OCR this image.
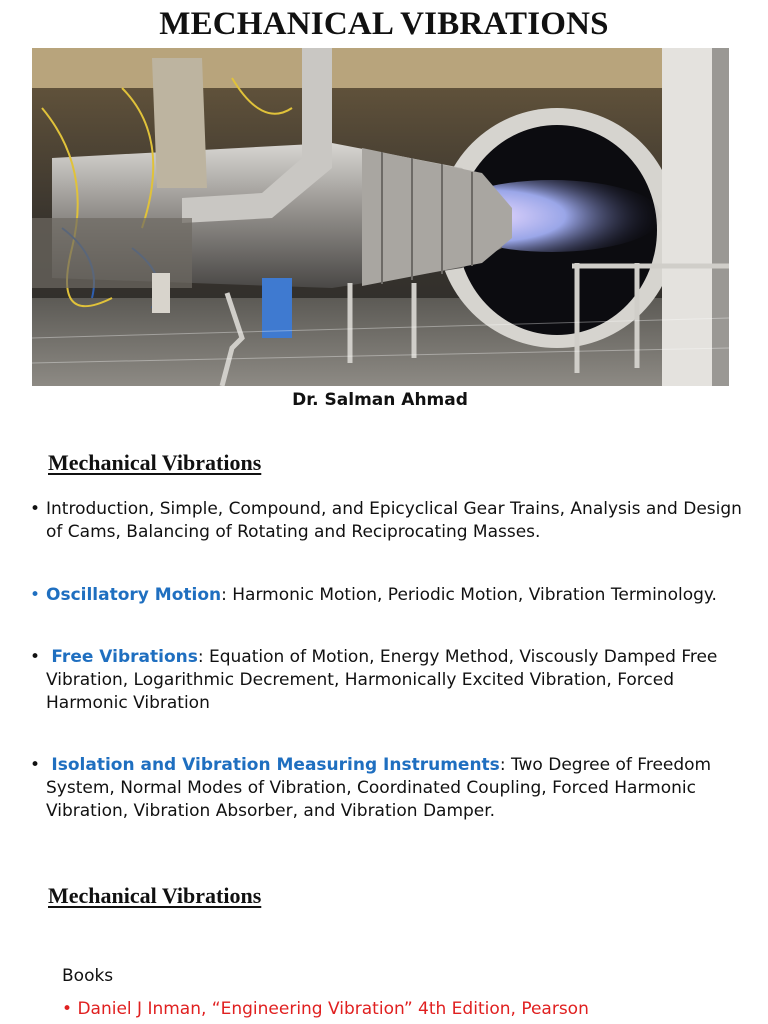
MECHANICAL VIBRATIONS
Dr. Salman Ahmad
Mechanical Vibrations
• Introduction, Simple, Compound, and Epicyclical Gear Trains, Analysis and Design of Cams, Balancing of Rotating and Reciprocating Masses.
• Oscillatory Motion: Harmonic Motion, Periodic Motion, Vibration Terminology.
• Free Vibrations: Equation of Motion, Energy Method, Viscously Damped Free Vibration, Logarithmic Decrement, Harmonically Excited Vibration, Forced Harmonic Vibration
• Isolation and Vibration Measuring Instruments: Two Degree of Freedom System, Normal Modes of Vibration, Coordinated Coupling, Forced Harmonic Vibration, Vibration Absorber, and Vibration Damper.
Mechanical Vibrations
Books
• Daniel J Inman, “Engineering Vibration” 4th Edition, Pearson
